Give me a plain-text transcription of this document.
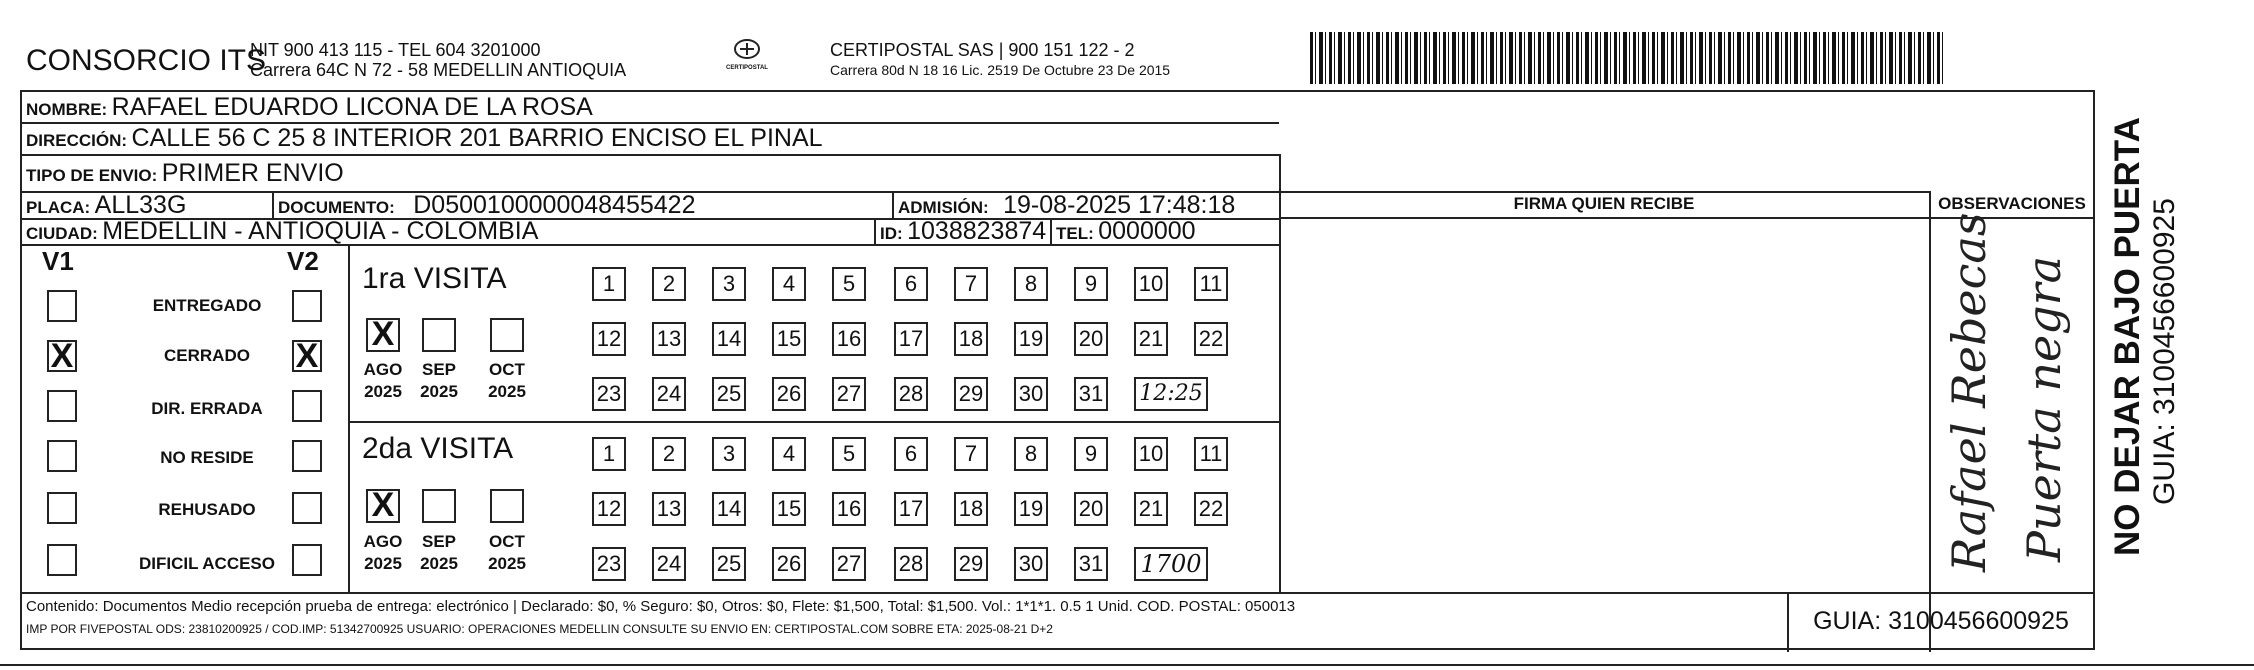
CONSORCIO ITS
NIT 900 413 115 - TEL 604 3201000
Carrera 64C N 72 - 58 MEDELLIN ANTIOQUIA	CERTIPOSTAL
CERTIPOSTAL SAS | 900 151 122 - 2
Carrera 80d N 18 16 Lic. 2519 De Octubre 23 De 2015
NOMBRE: RAFAEL EDUARDO LICONA DE LA ROSA
DIRECCIÓN: CALLE 56 C 25 8 INTERIOR 201 BARRIO ENCISO EL PINAL
TIPO DE ENVIO: PRIMER ENVIO
FIRMA QUIEN RECIBE	OBSERVACIONES
PLACA: ALL33G	DOCUMENTO: D0500100000048455422	ADMISIÓN: 19-08-2025 17:48:18
CIUDAD: MEDELLIN - ANTIOQUIA - COLOMBIA	ID: 1038823874 TEL: 0000000
V1	V2
ENTREGADO
X	CERRADO	X
DIR. ERRADA
NO RESIDE
REHUSADO
DIFICIL ACCESO
1ra VISITA
X
AGO SEP OCT
2025 2025 2025
1	2	3	4	5	6	7	8	9	10 11
12 13 14 15 16 17 18 19 20 21 22
23 24 25 26 27 28 29 30 31 12:25
2da VISITA
X
AGO SEP OCT
2025 2025 2025
1	2	3	4	5	6	7	8	9	10 11
12 13 14 15 16 17 18 19 20 21 22
23 24 25 26 27 28 29 30 31 1700	Rafael Rebecas Puerta negra
Contenido: Documentos Medio recepción prueba de entrega: electrónico | Declarado: $0, % Seguro: $0, Otros: $0, Flete: $1,500, Total: $1,500. Vol.: 1*1*1. 0.5 1 Unid. COD. POSTAL: 050013
IMP POR FIVEPOSTAL ODS: 23810200925 / COD.IMP: 51342700925 USUARIO: OPERACIONES MEDELLIN CONSULTE SU ENVIO EN: CERTIPOSTAL.COM SOBRE ETA: 2025-08-21 D+2	GUIA: 3100456600925
NO DEJAR BAJO PUERTA GUIA: 3100456600925
